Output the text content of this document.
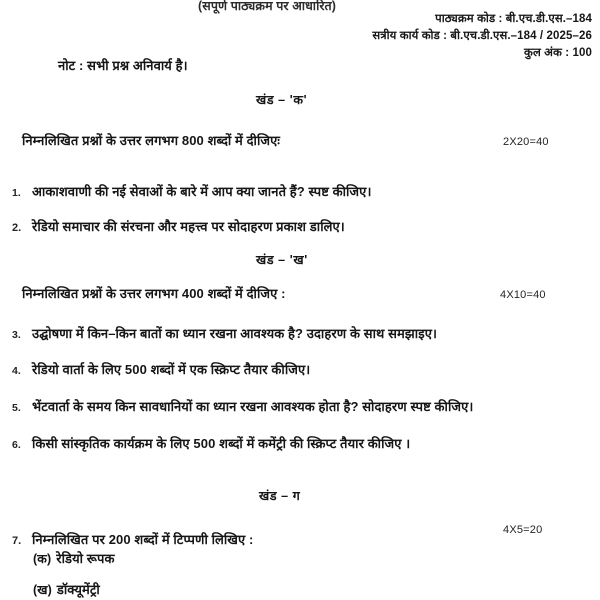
(सपूर्ण पाठ्यक्रम पर आधारित)
पाठ्यक्रम कोड : बी.एच.डी.एस.–184
सत्रीय कार्य कोड : बी.एच.डी.एस.–184 / 2025–26
कुल अंक : 100
नोट : सभी प्रश्न अनिवार्य है।
खंड – 'क'
निम्नलिखित प्रश्नों के उत्तर लगभग 800 शब्दों में दीजिएः	2X20=40
1. आकाशवाणी की नई सेवाओं के बारे में आप क्या जानते हैं? स्पष्ट कीजिए।
2. रेडियो समाचार की संरचना और महत्त्व पर सोदाहरण प्रकाश डालिए।
खंड – 'ख'
निम्नलिखित प्रश्नों के उत्तर लगभग 400 शब्दों में दीजिए :	4X10=40
3. उद्घोषणा में किन–किन बातों का ध्यान रखना आवश्यक है? उदाहरण के साथ समझाइए।
4. रेडियो वार्ता के लिए 500 शब्दों में एक स्क्रिप्ट तैयार कीजिए।
5. भेंटवार्ता के समय किन सावधानियों का ध्यान रखना आवश्यक होता है? सोदाहरण स्पष्ट कीजिए।
6. किसी सांस्कृतिक कार्यक्रम के लिए 500 शब्दों में कमेंट्री की स्क्रिप्ट तैयार कीजिए ।
खंड – ग
4X5=20
7. निम्नलिखित पर 200 शब्दों में टिप्पणी लिखिए :
(क) रेडियो रूपक
(ख) डॉक्यूमेंट्री
